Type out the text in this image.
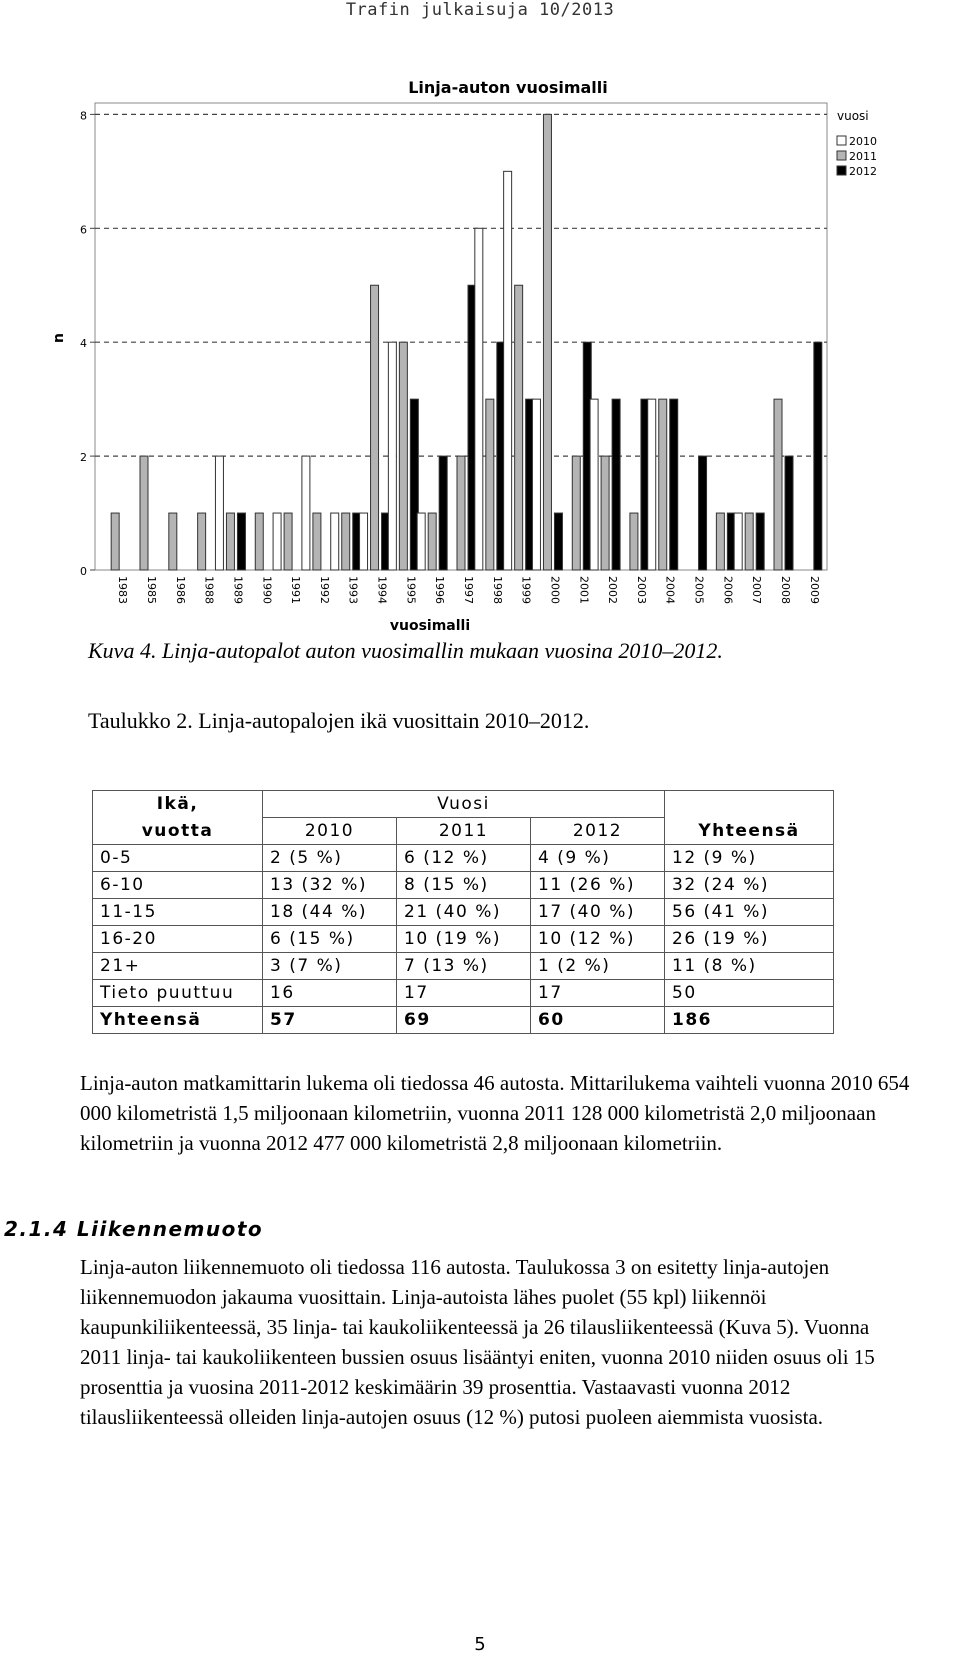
Trafin julkaisuja 10/2013
Linja-auton vuosimalli
0
2
4
6
8
1983 1985 1986 1988 1989 1990 1991 1992 1993 1994 1995 1996 1997 1998 1999 2000 2001 2002 2003 2004 2005 2006 2007 2008 2009
n
vuosimalli
vuosi
2010
2011
2012
Kuva 4. Linja-autopalot auton vuosimallin mukaan vuosina 2010–2012.
Taulukko 2. Linja-autopalojen ikä vuosittain 2010–2012.
Ikä,	Vuosi			
vuotta	2010	2011	2012	Yhteensä
0-5	2 (5 %)	6 (12 %)	4 (9 %)	12 (9 %)
6-10	13 (32 %)	8 (15 %)	11 (26 %)	32 (24 %)
11-15	18 (44 %)	21 (40 %)	17 (40 %)	56 (41 %)
16-20	6 (15 %)	10 (19 %)	10 (12 %)	26 (19 %)
21+	3 (7 %)	7 (13 %)	1 (2 %)	11 (8 %)
Tieto puuttuu	16	17	17	50
Yhteensä	57	69	60	186
Linja-auton matkamittarin lukema oli tiedossa 46 autosta. Mittarilukema vaihteli vuonna 2010 654 000 kilometristä 1,5 miljoonaan kilometriin, vuonna 2011 128 000 kilometristä 2,0 miljoonaan kilometriin ja vuonna 2012 477 000 kilometristä 2,8 miljoonaan kilometriin.
2.1.4 Liikennemuoto
Linja-auton liikennemuoto oli tiedossa 116 autosta. Taulukossa 3 on esitetty linja-autojen liikennemuodon jakauma vuosittain. Linja-autoista lähes puolet (55 kpl) liikennöi kaupunkiliikenteessä, 35 linja- tai kaukoliikenteessä ja 26 tilausliikenteessä (Kuva 5). Vuonna 2011 linja- tai kaukoliikenteen bussien osuus lisääntyi eniten, vuonna 2010 niiden osuus oli 15 prosenttia ja vuosina 2011-2012 keskimäärin 39 prosenttia. Vastaavasti vuonna 2012 tilausliikenteessä olleiden linja-autojen osuus (12 %) putosi puoleen aiemmista vuosista.
5
